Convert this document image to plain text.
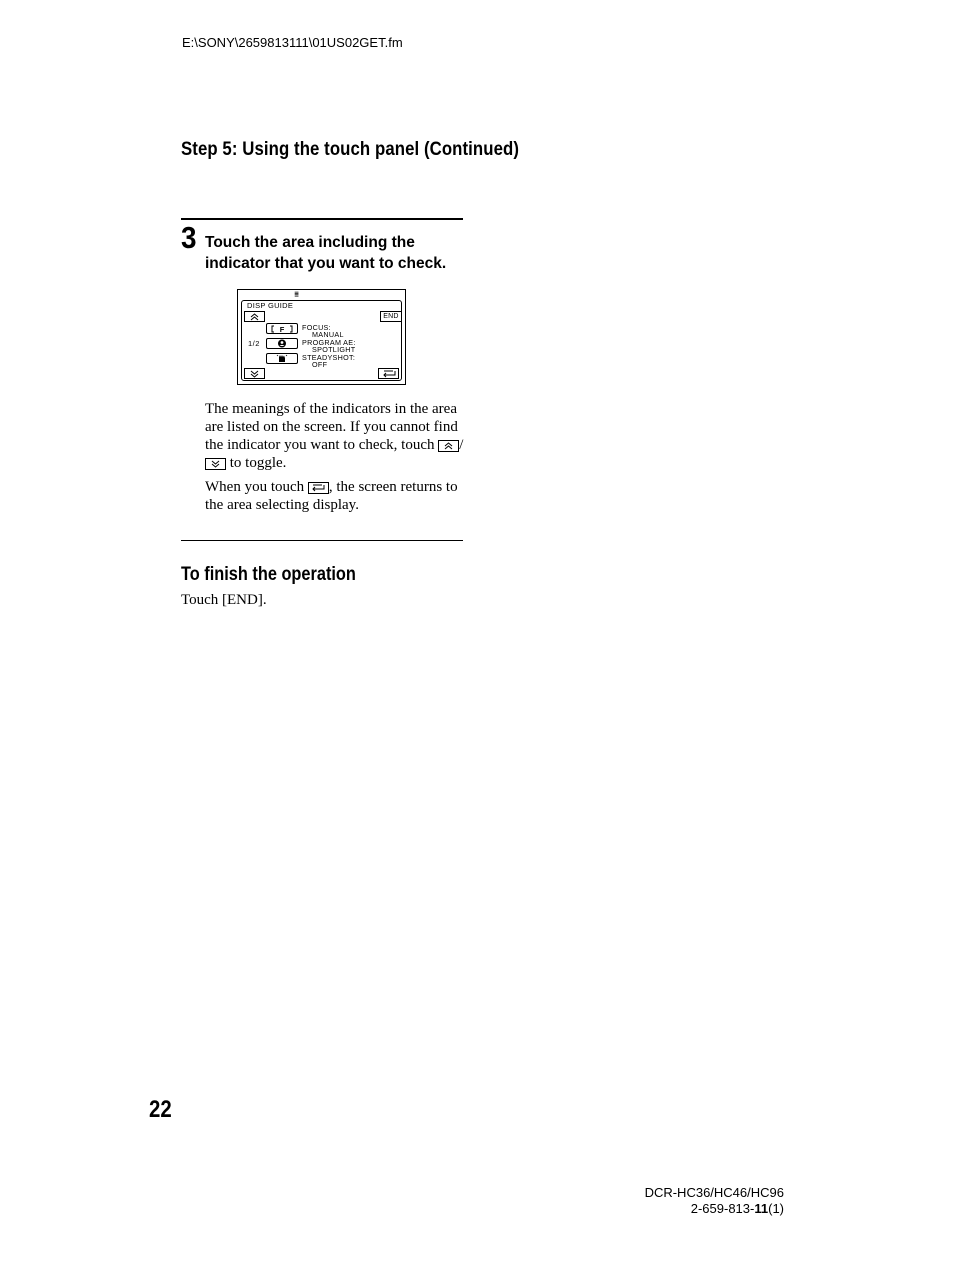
E:\SONY\2659813111\01US02GET.fm
Step 5: Using the touch panel (Continued)
3 Touch the area including the indicator that you want to check.
≣
DISP GUIDE
END
1/2
F FOCUS:
MANUAL
PROGRAM AE:
SPOTLIGHT
STEADYSHOT:
OFF
The meanings of the indicators in the area are listed on the screen. If you cannot find the indicator you want to check, touch /
to toggle.
When you touch , the screen returns to the area selecting display.
To finish the operation
Touch [END].
22
DCR-HC36/HC46/HC96
2-659-813-11(1)
